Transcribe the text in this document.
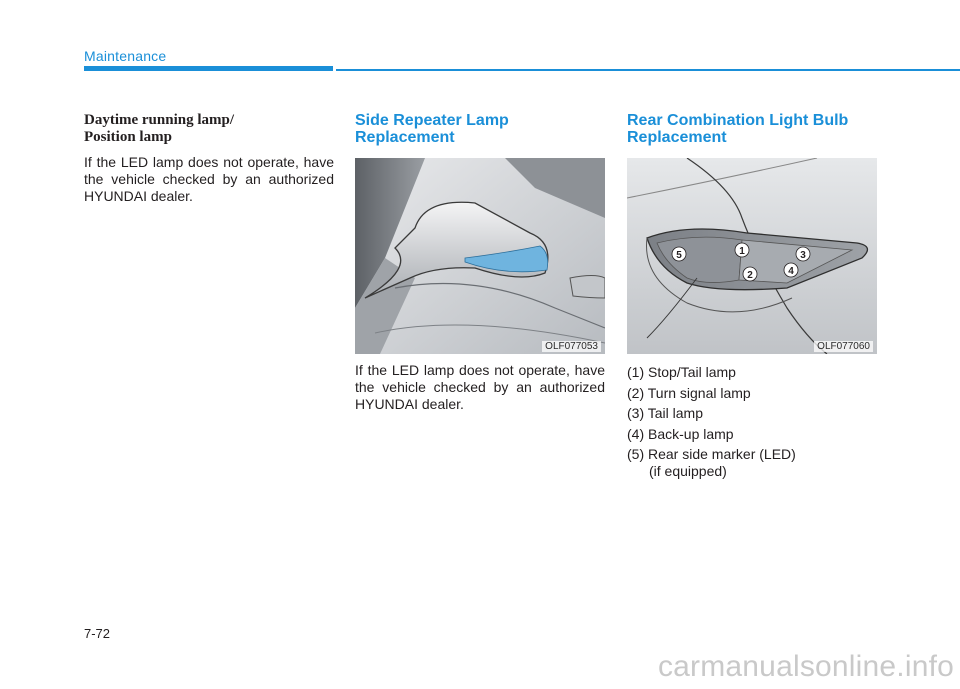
Maintenance
Daytime running lamp/
Position lamp

If the LED lamp does not operate, have the vehicle checked by an authorized HYUNDAI dealer.

Side Repeater Lamp
Replacement
OLF077053

If the LED lamp does not operate, have the vehicle checked by an authorized HYUNDAI dealer.

Rear Combination Light Bulb
Replacement
1
2
3
4
5
OLF077060
(1) Stop/Tail lamp
(2) Turn signal lamp
(3) Tail lamp
(4) Back-up lamp
(5) Rear side marker (LED)
(if equipped)
7-72
carmanualsonline.info
